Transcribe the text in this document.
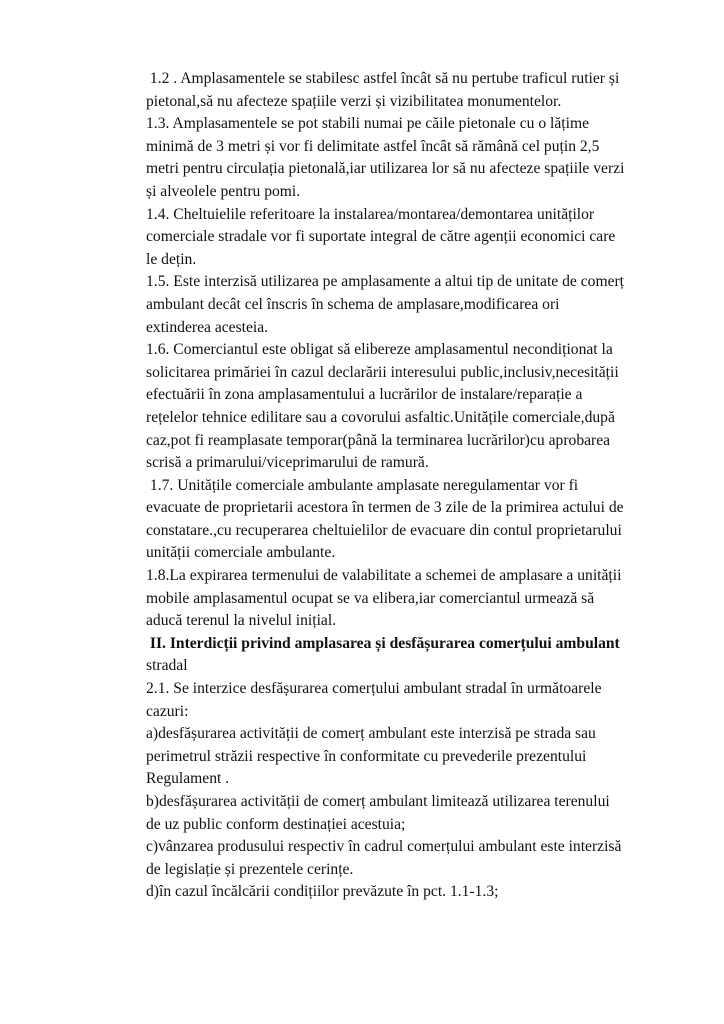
1.2 . Amplasamentele se stabilesc astfel încât să nu pertube traficul rutier și
pietonal,să nu afecteze spațiile verzi și vizibilitatea monumentelor.
1.3. Amplasamentele se pot stabili numai pe căile pietonale cu o lățime
minimă de 3 metri și vor fi delimitate astfel încât să rămână cel puțin 2,5
metri pentru circulația pietonală,iar utilizarea lor să nu afecteze spațiile verzi
și alveolele pentru pomi.
1.4. Cheltuielile referitoare la instalarea/montarea/demontarea unităților
comerciale stradale vor fi suportate integral de către agenții economici care
le dețin.
1.5. Este interzisă utilizarea pe amplasamente a altui tip de unitate de comerț
ambulant decât cel înscris în schema de amplasare,modificarea ori
extinderea acesteia.
1.6. Comerciantul este obligat să elibereze amplasamentul necondiționat la
solicitarea primăriei în cazul declarării interesului public,inclusiv,necesității
efectuării în zona amplasamentului a lucrărilor de instalare/reparație a
rețelelor tehnice edilitare sau a covorului asfaltic.Unitățile comerciale,după
caz,pot fi reamplasate temporar(până la terminarea lucrărilor)cu aprobarea
scrisă a primarului/viceprimarului de ramură.
1.7. Unitățile comerciale ambulante amplasate neregulamentar vor fi
evacuate de proprietarii acestora în termen de 3 zile de la primirea actului de
constatare.,cu recuperarea cheltuielilor de evacuare din contul proprietarului
unității comerciale ambulante.
1.8.La expirarea termenului de valabilitate a schemei de amplasare a unității
mobile amplasamentul ocupat se va elibera,iar comerciantul urmează să
aducă terenul la nivelul inițial.
II. Interdicții privind amplasarea și desfășurarea comerțului ambulant
stradal
2.1. Se interzice desfășurarea comerțului ambulant stradal în următoarele
cazuri:
a)desfășurarea activității de comerț ambulant este interzisă pe strada sau
perimetrul străzii respective în conformitate cu prevederile prezentului
Regulament .
b)desfășurarea activității de comerț ambulant limitează utilizarea terenului
de uz public conform destinației acestuia;
c)vânzarea produsului respectiv în cadrul comerțului ambulant este interzisă
de legislație și prezentele cerințe.
d)în cazul încălcării condițiilor prevăzute în pct. 1.1-1.3;
